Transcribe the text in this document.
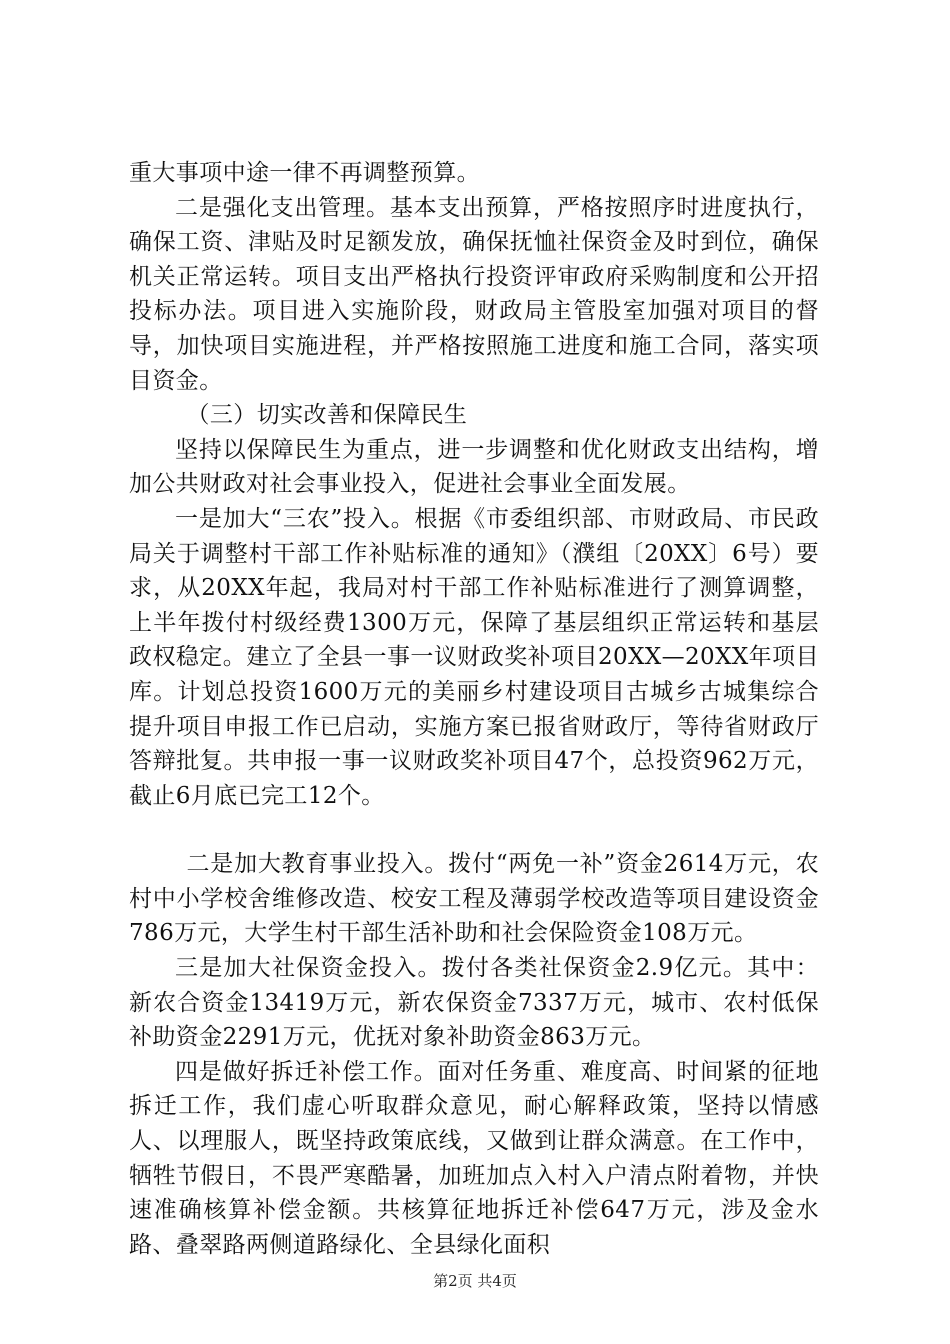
重大事项中途一律不再调整预算。

二是强化支出管理。基本支出预算，严格按照序时进度执行，确保工资、津贴及时足额发放，确保抚恤社保资金及时到位，确保机关正常运转。项目支出严格执行投资评审政府采购制度和公开招投标办法。项目进入实施阶段，财政局主管股室加强对项目的督导，加快项目实施进程，并严格按照施工进度和施工合同，落实项目资金。

（三）切实改善和保障民生

坚持以保障民生为重点，进一步调整和优化财政支出结构，增加公共财政对社会事业投入，促进社会事业全面发展。

一是加大“三农”投入。根据《市委组织部、市财政局、市民政局关于调整村干部工作补贴标准的通知》（濮组〔20XX〕6号）要求，从20XX年起，我局对村干部工作补贴标准进行了测算调整，上半年拨付村级经费1300万元，保障了基层组织正常运转和基层政权稳定。建立了全县一事一议财政奖补项目20XX—20XX年项目库。计划总投资1600万元的美丽乡村建设项目古城乡古城集综合提升项目申报工作已启动，实施方案已报省财政厅，等待省财政厅答辩批复。共申报一事一议财政奖补项目47个，总投资962万元，截止6月底已完工12个。

二是加大教育事业投入。拨付“两免一补”资金2614万元，农村中小学校舍维修改造、校安工程及薄弱学校改造等项目建设资金786万元，大学生村干部生活补助和社会保险资金108万元。

三是加大社保资金投入。拨付各类社保资金2.9亿元。其中：新农合资金13419万元，新农保资金7337万元，城市、农村低保补助资金2291万元，优抚对象补助资金863万元。

四是做好拆迁补偿工作。面对任务重、难度高、时间紧的征地拆迁工作，我们虚心听取群众意见，耐心解释政策，坚持以情感人、以理服人，既坚持政策底线，又做到让群众满意。在工作中，牺牲节假日，不畏严寒酷暑，加班加点入村入户清点附着物，并快速准确核算补偿金额。共核算征地拆迁补偿647万元，涉及金水路、叠翠路两侧道路绿化、全县绿化面积

第2页 共4页
